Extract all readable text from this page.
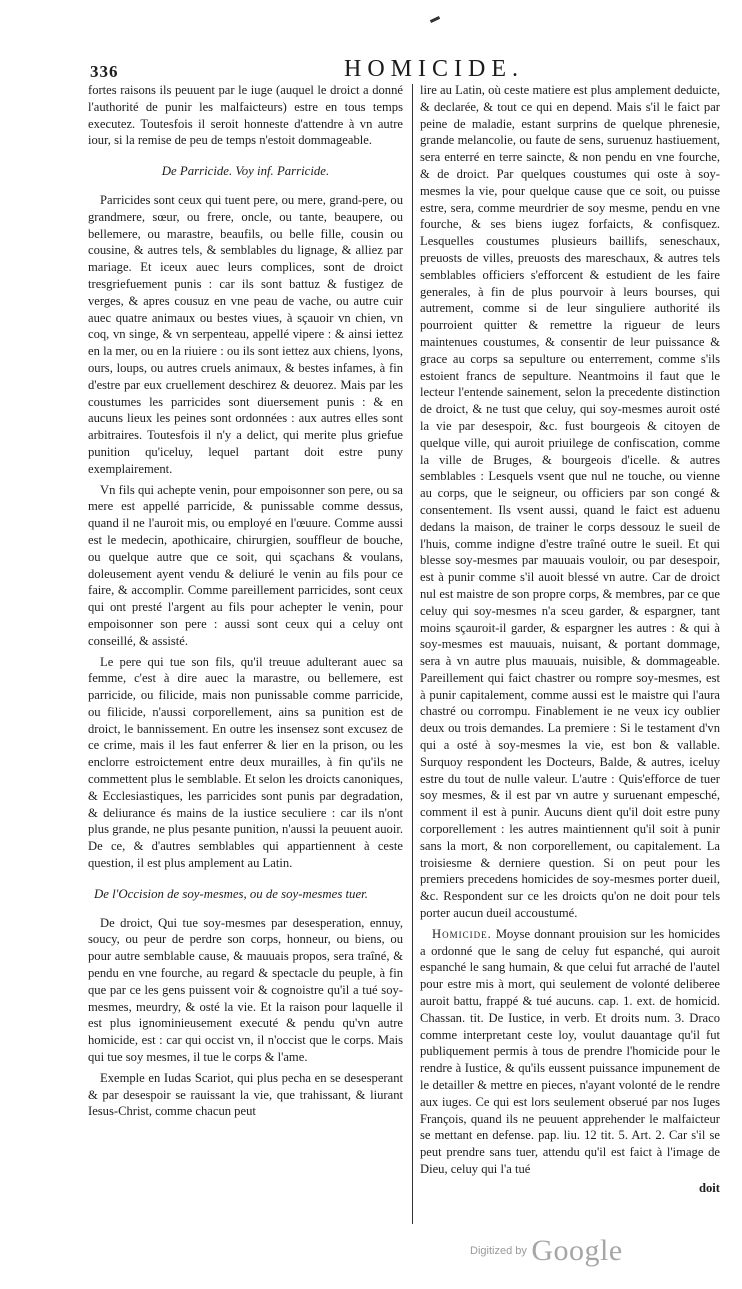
336	HOMICIDE.

fortes raisons ils peuuent par le iuge (auquel le droict a donné l'authorité de punir les malfaicteurs) estre en tous temps executez. Toutesfois il seroit honneste d'attendre à vn autre iour, si la remise de peu de temps n'estoit dommageable.

De Parricide. Voy inf. Parricide.

Parricides sont ceux qui tuent pere, ou mere, grand-pere, ou grandmere, sœur, ou frere, oncle, ou tante, beaupere, ou bellemere, ou marastre, beaufils, ou belle fille, cousin ou cousine, & autres tels, & semblables du lignage, & alliez par mariage. Et iceux auec leurs complices, sont de droict tresgriefuement punis : car ils sont battuz & fustigez de verges, & apres cousuz en vne peau de vache, ou autre cuir auec quatre animaux ou bestes viues, à sçauoir vn chien, vn coq, vn singe, & vn serpenteau, appellé vipere : & ainsi iettez en la mer, ou en la riuiere : ou ils sont iettez aux chiens, lyons, ours, loups, ou autres cruels animaux, & bestes infames, à fin d'estre par eux cruellement deschirez & deuorez. Mais par les coustumes les parricides sont diuersement punis : & en aucuns lieux les peines sont ordonnées : aux autres elles sont arbitraires. Toutesfois il n'y a delict, qui merite plus griefue punition qu'iceluy, lequel partant doit estre puny exemplairement.

Vn fils qui achepte venin, pour empoisonner son pere, ou sa mere est appellé parricide, & punissable comme dessus, quand il ne l'auroit mis, ou employé en l'œuure. Comme aussi est le medecin, apothicaire, chirurgien, souffleur de bouche, ou quelque autre que ce soit, qui sçachans & voulans, doleusement ayent vendu & deliuré le venin au fils pour ce faire, & accomplir. Comme pareillement parricides, sont ceux qui ont presté l'argent au fils pour achepter le venin, pour empoisonner son pere : aussi sont ceux qui a celuy ont conseillé, & assisté.

Le pere qui tue son fils, qu'il treuue adulterant auec sa femme, c'est à dire auec la marastre, ou bellemere, est parricide, ou filicide, mais non punissable comme parricide, ou filicide, n'aussi corporellement, ains sa punition est de droict, le bannissement. En outre les insensez sont excusez de ce crime, mais il les faut enferrer & lier en la prison, ou les enclorre estroictement entre deux murailles, à fin qu'ils ne commettent plus le semblable. Et selon les droicts canoniques, & Ecclesiastiques, les parricides sont punis par degradation, & deliurance és mains de la iustice seculiere : car ils n'ont plus grande, ne plus pesante punition, n'aussi la peuuent auoir. De ce, & d'autres semblables qui appartiennent à ceste question, il est plus amplement au Latin.

De l'Occision de soy-mesmes, ou de soy-mesmes tuer.

De droict, Qui tue soy-mesmes par desesperation, ennuy, soucy, ou peur de perdre son corps, honneur, ou biens, ou pour autre semblable cause, & mauuais propos, sera traîné, & pendu en vne fourche, au regard & spectacle du peuple, à fin que par ce les gens puissent voir & cognoistre qu'il a tué soy-mesmes, meurdry, & osté la vie. Et la raison pour laquelle il est plus ignominieusement executé & pendu qu'vn autre homicide, est : car qui occist vn, il n'occist que le corps. Mais qui tue soy mesmes, il tue le corps & l'ame.

Exemple en Iudas Scariot, qui plus pecha en se desesperant & par desespoir se rauissant la vie, que trahissant, & liurant Iesus-Christ, comme chacun peut

lire au Latin, où ceste matiere est plus amplement deduicte, & declarée, & tout ce qui en depend. Mais s'il le faict par peine de maladie, estant surprins de quelque phrenesie, grande melancolie, ou faute de sens, suruenuz hastiuement, sera enterré en terre saincte, & non pendu en vne fourche, & de droict. Par quelques coustumes qui oste à soy-mesmes la vie, pour quelque cause que ce soit, ou puisse estre, sera, comme meurdrier de soy mesme, pendu en vne fourche, & ses biens iugez forfaicts, & confisquez. Lesquelles coustumes plusieurs baillifs, seneschaux, preuosts de villes, preuosts des mareschaux, & autres tels semblables officiers s'efforcent & estudient de les faire generales, à fin de plus pourvoir à leurs bourses, qui autrement, comme si de leur singuliere authorité ils pourroient quitter & remettre la rigueur de leurs maintenues coustumes, & consentir de leur puissance & grace au corps sa sepulture ou enterrement, comme s'ils estoient francs de sepulture. Neantmoins il faut que le lecteur l'entende sainement, selon la precedente distinction de droict, & ne tust que celuy, qui soy-mesmes auroit osté la vie par desespoir, &c. fust bourgeois & citoyen de quelque ville, qui auroit priuilege de confiscation, comme la ville de Bruges, & bourgeois d'icelle. & autres semblables : Lesquels vsent que nul ne touche, ou vienne au corps, que le seigneur, ou officiers par son congé & consentement. Ils vsent aussi, quand le faict est aduenu dedans la maison, de trainer le corps dessouz le sueil de l'huis, comme indigne d'estre traîné outre le sueil. Et qui blesse soy-mesmes par mauuais vouloir, ou par desespoir, est à punir comme s'il auoit blessé vn autre. Car de droict nul est maistre de son propre corps, & membres, par ce que celuy qui soy-mesmes n'a sceu garder, & espargner, tant moins sçauroit-il garder, & espargner les autres : & qui à soy-mesmes est mauuais, nuisant, & portant dommage, sera à vn autre plus mauuais, nuisible, & dommageable. Pareillement qui faict chastrer ou rompre soy-mesmes, est à punir capitalement, comme aussi est le maistre qui l'aura chastré ou corrompu. Finablement ie ne veux icy oublier deux ou trois demandes. La premiere : Si le testament d'vn qui a osté à soy-mesmes la vie, est bon & vallable. Surquoy respondent les Docteurs, Balde, & autres, iceluy estre du tout de nulle valeur. L'autre : Quis'efforce de tuer soy mesmes, & il est par vn autre y suruenant empesché, comment il est à punir. Aucuns dient qu'il doit estre puny corporellement : les autres maintiennent qu'il soit à punir sans la mort, & non corporellement, ou capitalement. La troisiesme & derniere question. Si on peut pour les premiers precedens homicides de soy-mesmes porter dueil, &c. Respondent sur ce les droicts qu'on ne doit pour tels porter aucun dueil accoustumé.

Homicide. Moyse donnant prouision sur les homicides a ordonné que le sang de celuy fut espanché, qui auroit espanché le sang humain, & que celui fut arraché de l'autel pour estre mis à mort, qui seulement de volonté deliberee auroit battu, frappé & tué aucuns. cap. 1. ext. de homicid. Chassan. tit. De Iustice, in verb. Et droits num. 3. Draco comme interpretant ceste loy, voulut dauantage qu'il fut publiquement permis à tous de prendre l'homicide pour le rendre à Iustice, & qu'ils eussent puissance impunement de le detailler & mettre en pieces, n'ayant volonté de le rendre aux iuges. Ce qui est lors seulement obserué par nos Iuges François, quand ils ne peuuent apprehender le malfaicteur se mettant en defense. pap. liu. 12 tit. 5. Art. 2. Car s'il se peut prendre sans tuer, attendu qu'il est faict à l'image de Dieu, celuy qui l'a tué

doit

Digitized by Google
